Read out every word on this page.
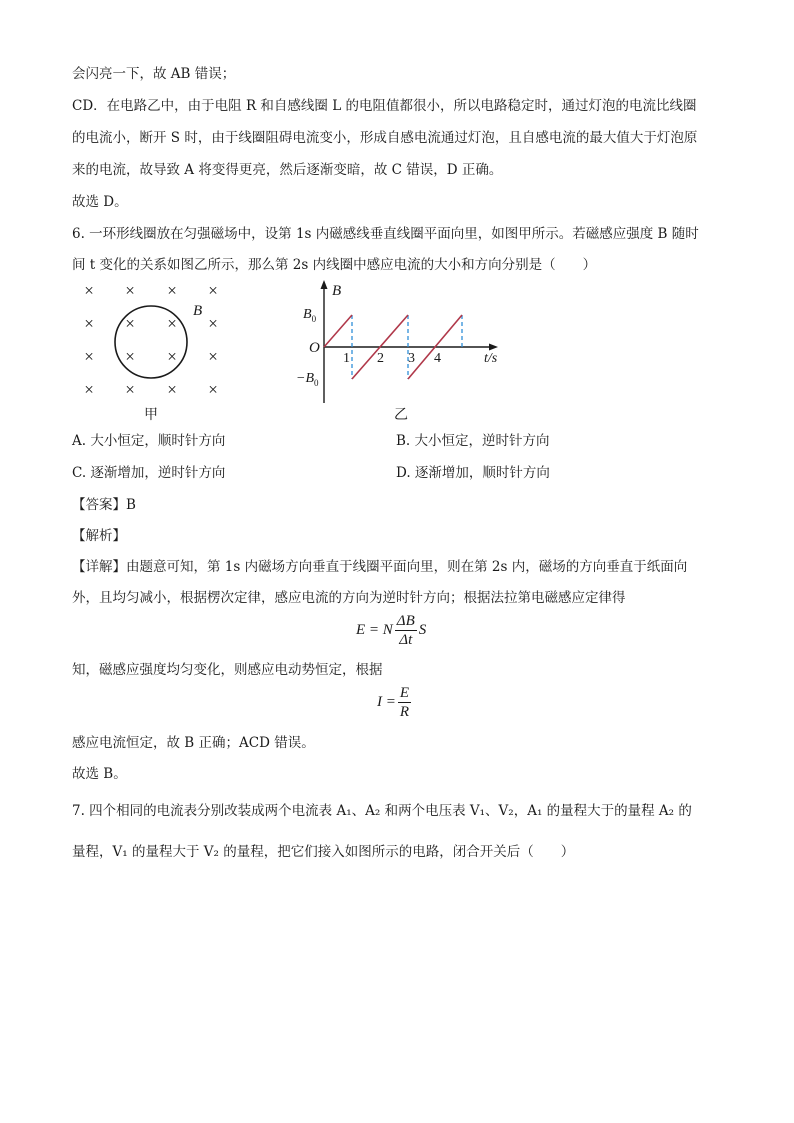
会闪亮一下，故 AB 错误；
CD．在电路乙中，由于电阻 R 和自感线圈 L 的电阻值都很小，所以电路稳定时，通过灯泡的电流比线圈
的电流小，断开 S 时，由于线圈阻碍电流变小，形成自感电流通过灯泡，且自感电流的最大值大于灯泡原
来的电流，故导致 A 将变得更亮，然后逐渐变暗，故 C 错误，D 正确。
故选 D。
6. 一环形线圈放在匀强磁场中，设第 1s 内磁感线垂直线圈平面向里，如图甲所示。若磁感应强度 B 随时
间 t 变化的关系如图乙所示，那么第 2s 内线圈中感应电流的大小和方向分别是（　　）
× × × ×
× × × ×
× × × ×
× × × ×
B
甲
B
$B_0$
$-B_0$
O
1 2 3 4	t/s
乙
A. 大小恒定，顺时针方向	B. 大小恒定，逆时针方向
C. 逐渐增加，逆时针方向	D. 逐渐增加，顺时针方向
【答案】B
【解析】
【详解】由题意可知，第 1s 内磁场方向垂直于线圈平面向里，则在第 2s 内，磁场的方向垂直于纸面向
外，且均匀减小，根据楞次定律，感应电流的方向为逆时针方向；根据法拉第电磁感应定律得
E = N $\frac{\Delta B}{\Delta t}$ S
知，磁感应强度均匀变化，则感应电动势恒定，根据
$I = \frac{E}{R}$
感应电流恒定，故 B 正确；ACD 错误。
故选 B。
7. 四个相同的电流表分别改装成两个电流表 A₁、A₂ 和两个电压表 V₁、V₂，A₁ 的量程大于的量程 A₂ 的
量程，V₁ 的量程大于 V₂ 的量程，把它们接入如图所示的电路，闭合开关后（　　）
